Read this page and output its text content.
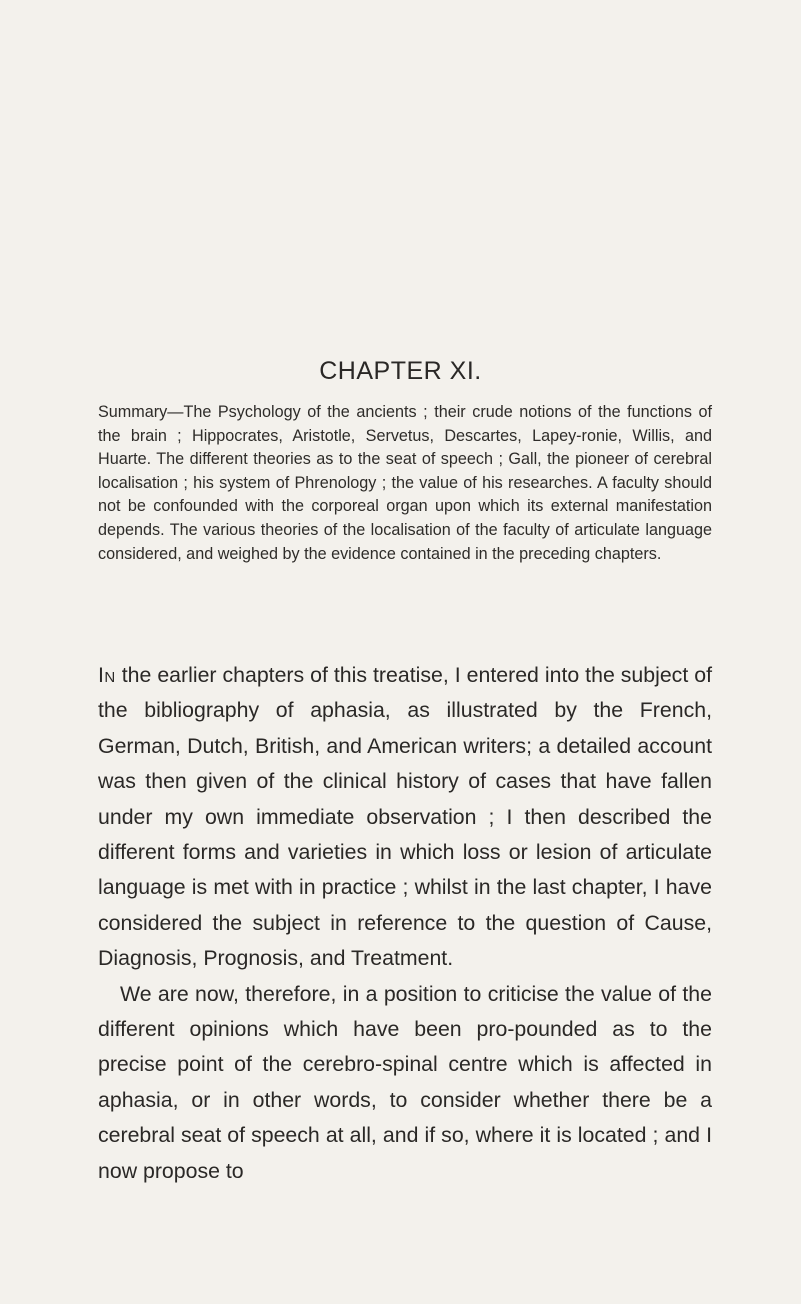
CHAPTER XI.
Summary—The Psychology of the ancients ; their crude notions of the functions of the brain ; Hippocrates, Aristotle, Servetus, Descartes, Lapey-ronie, Willis, and Huarte. The different theories as to the seat of speech ; Gall, the pioneer of cerebral localisation ; his system of Phrenology ; the value of his researches. A faculty should not be confounded with the corporeal organ upon which its external manifestation depends. The various theories of the localisation of the faculty of articulate language considered, and weighed by the evidence contained in the preceding chapters.

In the earlier chapters of this treatise, I entered into the subject of the bibliography of aphasia, as illustrated by the French, German, Dutch, British, and American writers; a detailed account was then given of the clinical history of cases that have fallen under my own immediate observation ; I then described the different forms and varieties in which loss or lesion of articulate language is met with in practice ; whilst in the last chapter, I have considered the subject in reference to the question of Cause, Diagnosis, Prognosis, and Treatment.

We are now, therefore, in a position to criticise the value of the different opinions which have been pro-pounded as to the precise point of the cerebro-spinal centre which is affected in aphasia, or in other words, to consider whether there be a cerebral seat of speech at all, and if so, where it is located ; and I now propose to
